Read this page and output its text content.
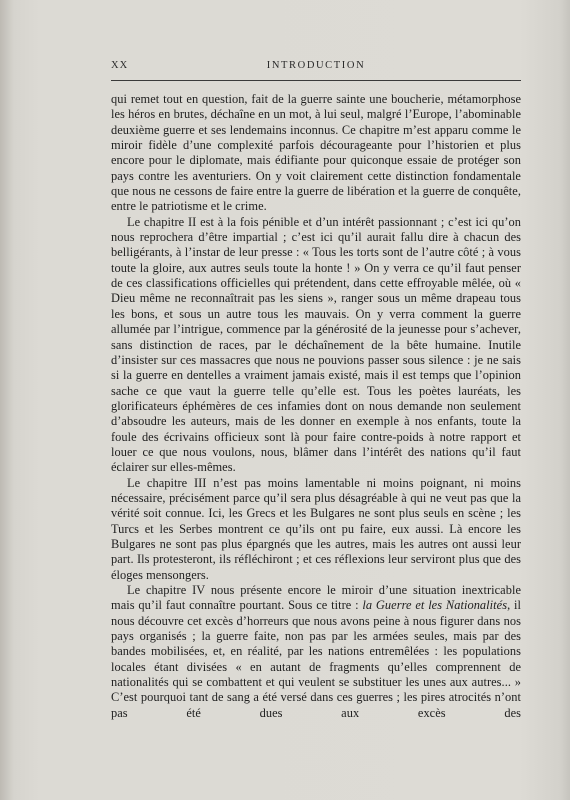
XX	INTRODUCTION

qui remet tout en question, fait de la guerre sainte une boucherie, métamorphose les héros en brutes, déchaîne en un mot, à lui seul, malgré l’Europe, l’abominable deuxième guerre et ses lendemains inconnus. Ce chapitre m’est apparu comme le miroir fidèle d’une complexité parfois décourageante pour l’historien et plus encore pour le diplomate, mais édifiante pour quiconque essaie de protéger son pays contre les aventuriers. On y voit clairement cette distinction fondamentale que nous ne cessons de faire entre la guerre de libération et la guerre de conquête, entre le patriotisme et le crime.

Le chapitre II est à la fois pénible et d’un intérêt passionnant ; c’est ici qu’on nous reprochera d’être impartial ; c’est ici qu’il aurait fallu dire à chacun des belligérants, à l’instar de leur presse : « Tous les torts sont de l’autre côté ; à vous toute la gloire, aux autres seuls toute la honte ! » On y verra ce qu’il faut penser de ces classifications officielles qui prétendent, dans cette effroyable mêlée, où « Dieu même ne reconnaîtrait pas les siens », ranger sous un même drapeau tous les bons, et sous un autre tous les mauvais. On y verra comment la guerre allumée par l’intrigue, commence par la générosité de la jeunesse pour s’achever, sans distinction de races, par le déchaînement de la bête humaine. Inutile d’insister sur ces massacres que nous ne pouvions passer sous silence : je ne sais si la guerre en dentelles a vraiment jamais existé, mais il est temps que l’opinion sache ce que vaut la guerre telle qu’elle est. Tous les poètes lauréats, les glorificateurs éphémères de ces infamies dont on nous demande non seulement d’absoudre les auteurs, mais de les donner en exemple à nos enfants, toute la foule des écrivains officieux sont là pour faire contre-poids à notre rapport et louer ce que nous voulons, nous, blâmer dans l’intérêt des nations qu’il faut éclairer sur elles-mêmes.

Le chapitre III n’est pas moins lamentable ni moins poignant, ni moins nécessaire, précisément parce qu’il sera plus désagréable à qui ne veut pas que la vérité soit connue. Ici, les Grecs et les Bulgares ne sont plus seuls en scène ; les Turcs et les Serbes montrent ce qu’ils ont pu faire, eux aussi. Là encore les Bulgares ne sont pas plus épargnés que les autres, mais les autres ont aussi leur part. Ils protesteront, ils réfléchiront ; et ces réflexions leur serviront plus que des éloges mensongers.

Le chapitre IV nous présente encore le miroir d’une situation inextricable mais qu’il faut connaître pourtant. Sous ce titre : la Guerre et les Nationalités, il nous découvre cet excès d’horreurs que nous avons peine à nous figurer dans nos pays organisés ; la guerre faite, non pas par les armées seules, mais par des bandes mobilisées, et, en réalité, par les nations entremêlées : les populations locales étant divisées « en autant de fragments qu’elles comprennent de nationalités qui se combattent et qui veulent se substituer les unes aux autres... » C’est pourquoi tant de sang a été versé dans ces guerres ; les pires atrocités n’ont pas été dues aux excès des
